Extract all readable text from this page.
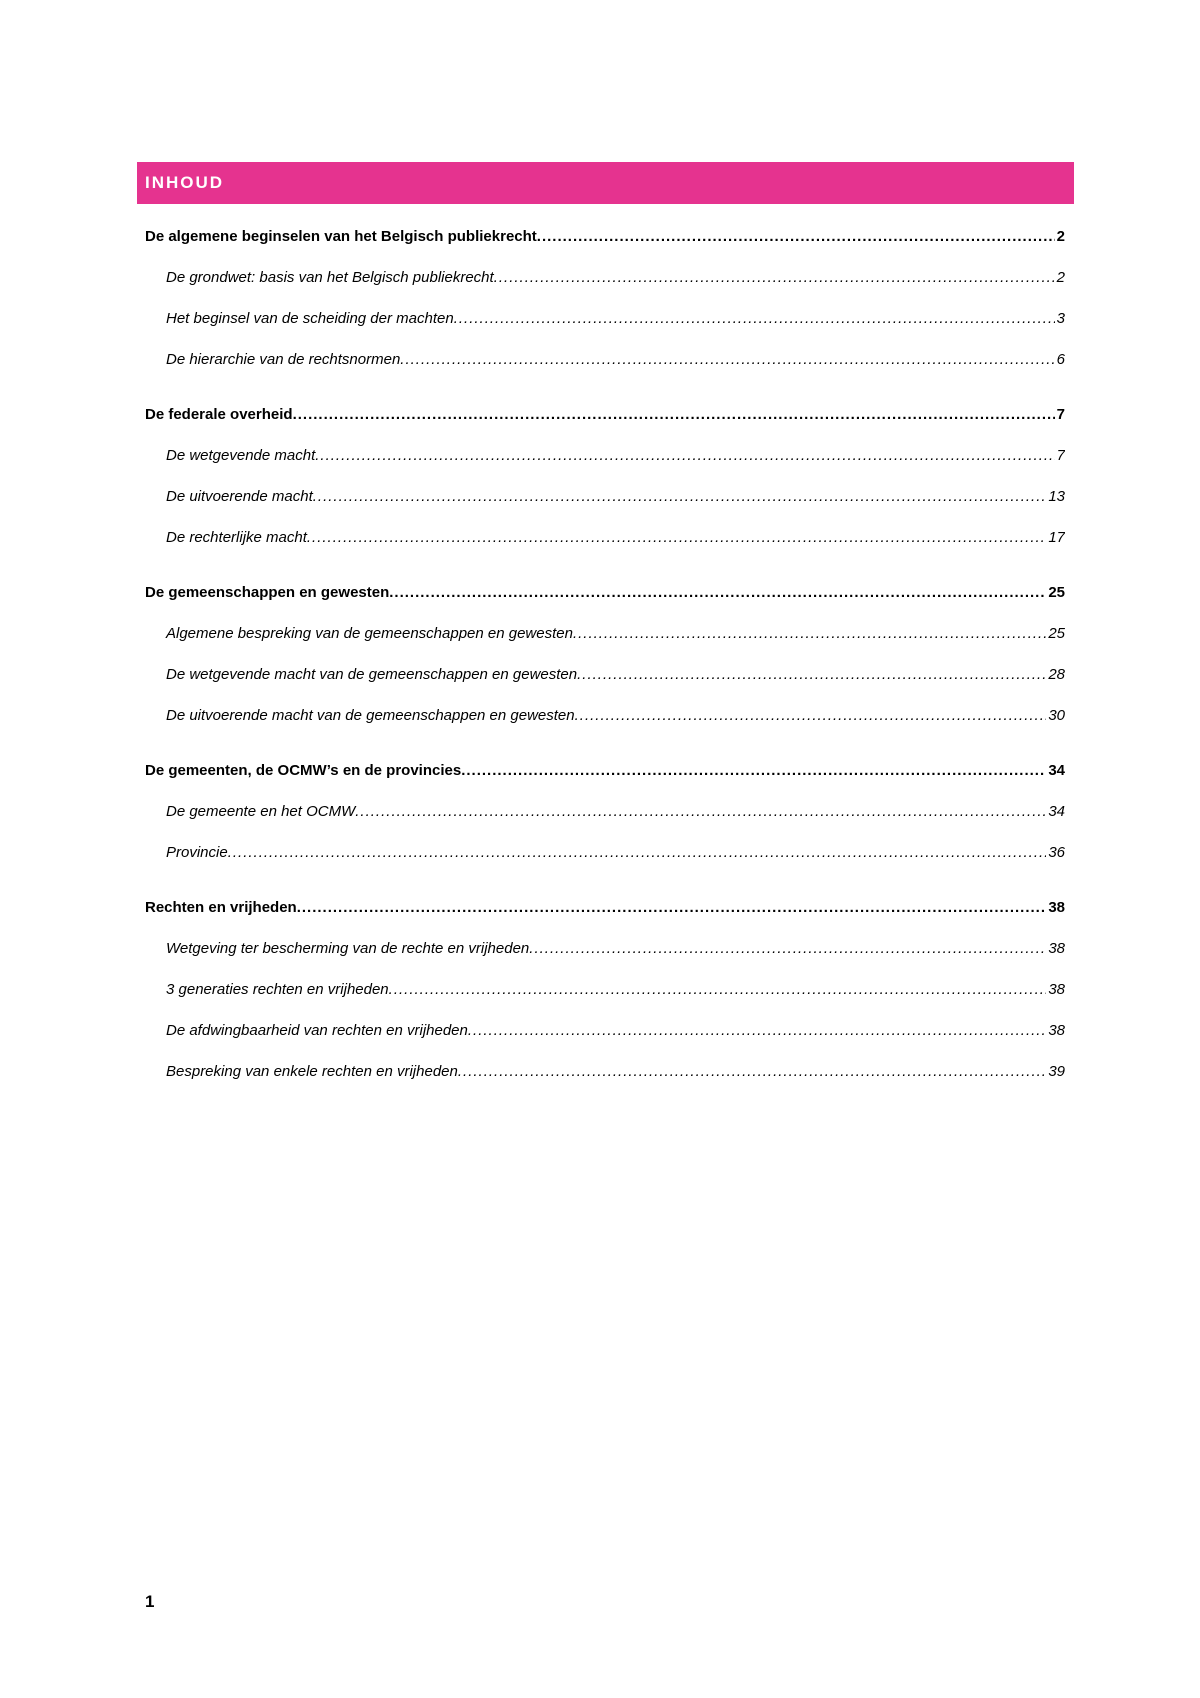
INHOUD
De algemene beginselen van het Belgisch publiekrecht .....	2
De grondwet: basis van het Belgisch publiekrecht .....	2
Het beginsel van de scheiding der machten .....	3
De hierarchie van de rechtsnormen .....	6
De federale overheid .....	7
De wetgevende macht .....	7
De uitvoerende macht .....	13
De rechterlijke macht .....	17
De gemeenschappen en gewesten .....	25
Algemene bespreking van de gemeenschappen en gewesten .....	25
De wetgevende macht van de gemeenschappen en gewesten .....	28
De uitvoerende macht van de gemeenschappen en gewesten .....	30
De gemeenten, de OCMW’s en de provincies .....	34
De gemeente en het OCMW .....	34
Provincie .....	36
Rechten en vrijheden .....	38
Wetgeving ter bescherming van de rechte en vrijheden .....	38
3 generaties rechten en vrijheden .....	38
De afdwingbaarheid van rechten en vrijheden .....	38
Bespreking van enkele rechten en vrijheden .....	39
1
